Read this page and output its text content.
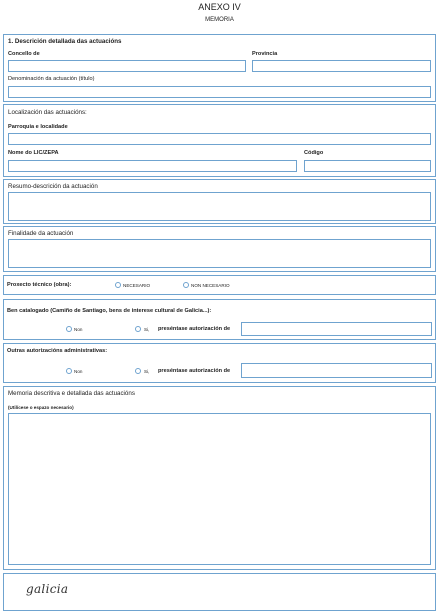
ANEXO IV
MEMORIA
1. Descrición detallada das actuacións
Concello de	Provincia
Denominación da actuación (título)
Localización das actuacións:
Parroquia e localidade
Nome do LIC/ZEPA	Código
Resumo-descrición da actuación
Finalidade da actuación
Proxecto técnico (obra):	NECESARIO	NON NECESARIO
Ben catalogado (Camiño de Santiago, bens de interese cultural de Galicia...):
Non	Si, preséntase autorización de
Outras autorizacións administrativas:
Non	Si, preséntase autorización de
Memoria descritiva e detallada das actuacións
(Utilícese o espazo necesario)
galicia
